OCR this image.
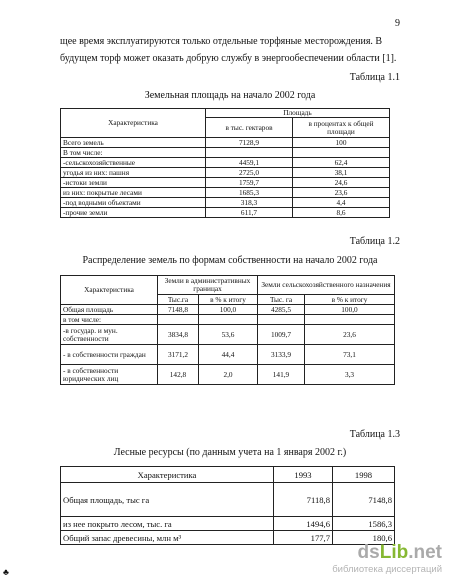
9
щее время эксплуатируются только отдельные торфяные месторождения. В будущем торф может оказать добрую службу в энергообеспечении области [1].
Таблица 1.1
Земельная площадь на начало 2002 года
Характеристика	Площадь	
	в тыс. гектаров	в процентах к общей площади
Всего земель	7128,9	100
В том числе:		
-сельскохозяйственные	4459,1	62,4
угодья из них: пашня	2725,0	38,1
-истоки земли	1759,7	24,6
из них: покрытые лесами	1685,3	23,6
-под водными объектами	318,3	4,4
-прочие земли	611,7	8,6
Таблица 1.2
Распределение земель по формам собственности на начало 2002 года
Характеристика	Земли в административных границах		Земли сельскохозяйственного назначения	
	Тыс.га	в % к итогу	Тыс. га	в % к итогу
Общая площадь	7148,8	100,0	4285,5	100,0
в том числе:				
-в государ. и мун. собственности	3834,8	53,6	1009,7	23,6
- в собственности граждан	3171,2	44,4	3133,9	73,1
- в собственности юридических лиц	142,8	2,0	141,9	3,3
Таблица 1.3
Лесные ресурсы (по данным учета на 1 января 2002 г.)
Характеристика	1993	1998
Общая площадь, тыс га	7118,8	7148,8
из нее покрыто лесом, тыс. га	1494,6	1586,3
Общий запас древесины, млн м³	177,7	180,6
♣
dsLib.net
библиотека диссертаций
